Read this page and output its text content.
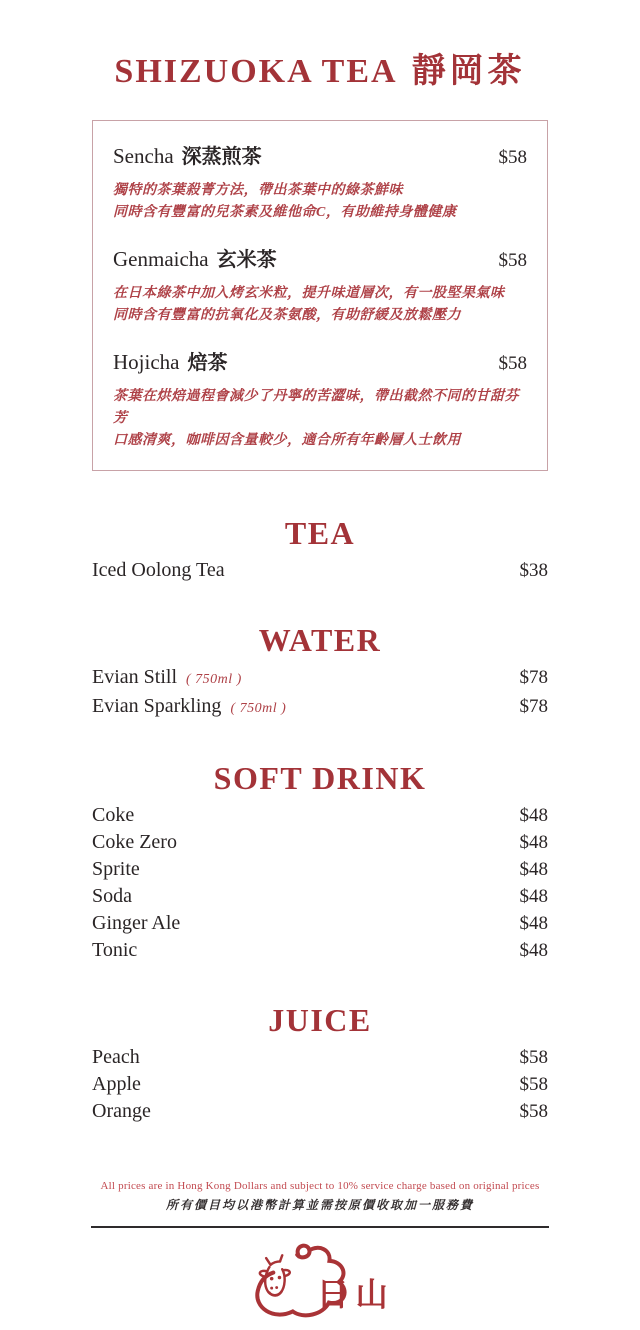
SHIZUOKA TEA 靜岡茶
Sencha 深蒸煎茶	$58
獨特的茶葉殺菁方法，帶出茶葉中的綠茶鮮味
同時含有豐富的兒茶素及維他命C，有助維持身體健康
Genmaicha 玄米茶	$58
在日本綠茶中加入烤玄米粒，提升味道層次，有一股堅果氣味
同時含有豐富的抗氧化及茶氨酸，有助舒緩及放鬆壓力
Hojicha 焙茶	$58
茶葉在烘焙過程會減少了丹寧的苦澀味，帶出截然不同的甘甜芬芳
口感清爽，咖啡因含量較少，適合所有年齡層人士飲用
TEA
Iced Oolong Tea	$38
WATER
Evian Still ( 750ml )	$78
Evian Sparkling ( 750ml )	$78
SOFT DRINK
Coke	$48
Coke Zero	$48
Sprite	$48
Soda	$48
Ginger Ale	$48
Tonic	$48
JUICE
Peach	$58
Apple	$58
Orange	$58
All prices are in Hong Kong Dollars and subject to 10% service charge based on original prices
所有價目均以港幣計算並需按原價收取加一服務費
日山
